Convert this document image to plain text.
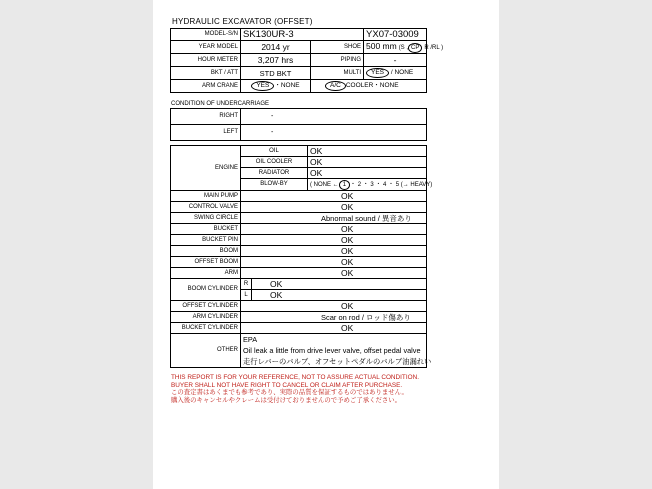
HYDRAULIC EXCAVATOR (OFFSET)
MODEL-S/N	SK130UR-3		YX07-03009
YEAR MODEL	2014 yr	SHOE	500 mm (S , CP R /RL )
HOUR METER	3,207 hrs	PIPING	-
BKT / ATT	STD BKT	MULTI	YES / NONE
ARM CRANE	YES ・NONE	A/C COOLER・NONE	
CONDITION OF UNDERCARRIAGE
RIGHT	-
LEFT	-
ENGINE	OIL		OK
	OIL COOLER		OK
	RADIATOR		OK
	BLOW-BY		( NONE ← 1 ・ 2 ・ 3 ・ 4 ・ 5 (→ HEAVY)
MAIN PUMP	OK		
CONTROL VALVE	OK		
SWING CIRCLE	Abnormal sound / 異音あり		
BUCKET	OK		
BUCKET PIN	OK		
BOOM	OK		
OFFSET BOOM	OK		
ARM	OK		
BOOM CYLINDER	R	OK	
	L	OK	
OFFSET CYLINDER	OK		
ARM CYLINDER	Scar on rod / ロッド傷あり		
BUCKET CYLINDER	OK		
OTHER	EPA
Oil leak a little from drive lever valve, offset pedal valve
走行レバーのバルブ、オフセットペダルのバルブ油漏れい		
THIS REPORT IS FOR YOUR REFERENCE, NOT TO ASSURE ACTUAL CONDITION.
BUYER SHALL NOT HAVE RIGHT TO CANCEL OR CLAIM AFTER PURCHASE.
この査定書はあくまでも参考であり、実際の品質を保証するものではありません。
購入後のキャンセルやクレームは受付けておりませんので予めご了承ください。
